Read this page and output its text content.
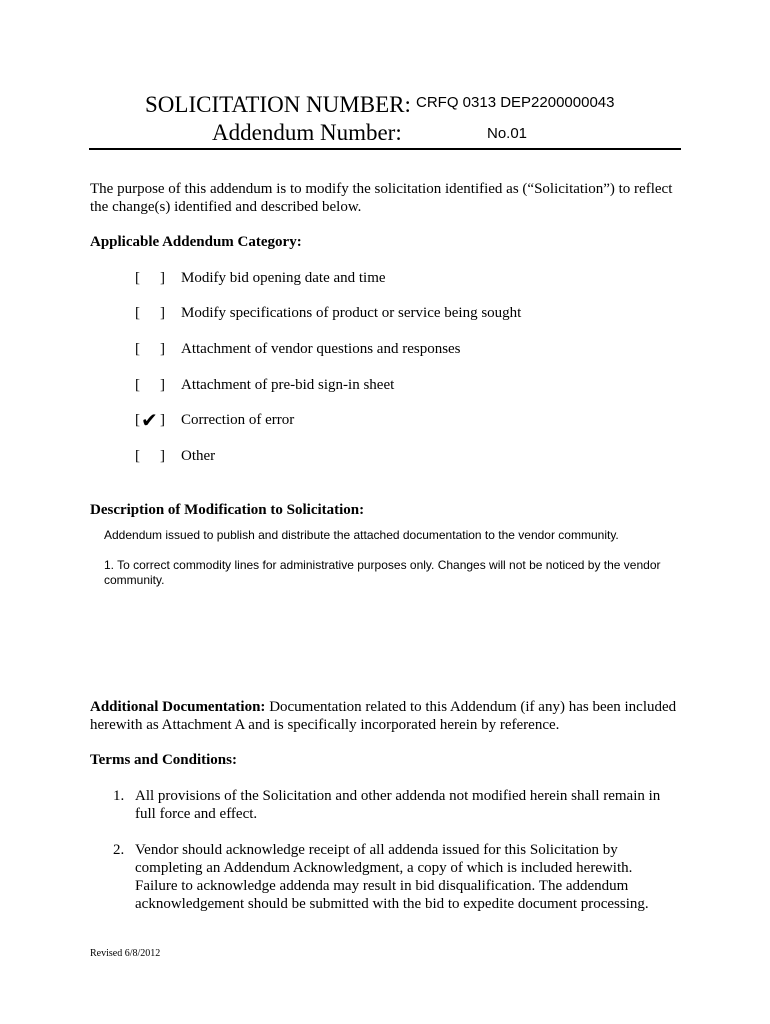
SOLICITATION NUMBER: CRFQ 0313 DEP2200000043
Addendum Number:	No.01
The purpose of this addendum is to modify the solicitation identified as (“Solicitation”) to reflect the change(s) identified and described below.
Applicable Addendum Category:
[ ] Modify bid opening date and time
[ ] Modify specifications of product or service being sought
[ ] Attachment of vendor questions and responses
[ ] Attachment of pre-bid sign-in sheet
[ ✔ ] Correction of error
[ ] Other
Description of Modification to Solicitation:
Addendum issued to publish and distribute the attached documentation to the vendor community.
1. To correct commodity lines for administrative purposes only. Changes will not be noticed by the vendor community.
Additional Documentation: Documentation related to this Addendum (if any) has been included herewith as Attachment A and is specifically incorporated herein by reference.
Terms and Conditions:
1. All provisions of the Solicitation and other addenda not modified herein shall remain in full force and effect.
2. Vendor should acknowledge receipt of all addenda issued for this Solicitation by completing an Addendum Acknowledgment, a copy of which is included herewith. Failure to acknowledge addenda may result in bid disqualification. The addendum acknowledgement should be submitted with the bid to expedite document processing.
Revised 6/8/2012
